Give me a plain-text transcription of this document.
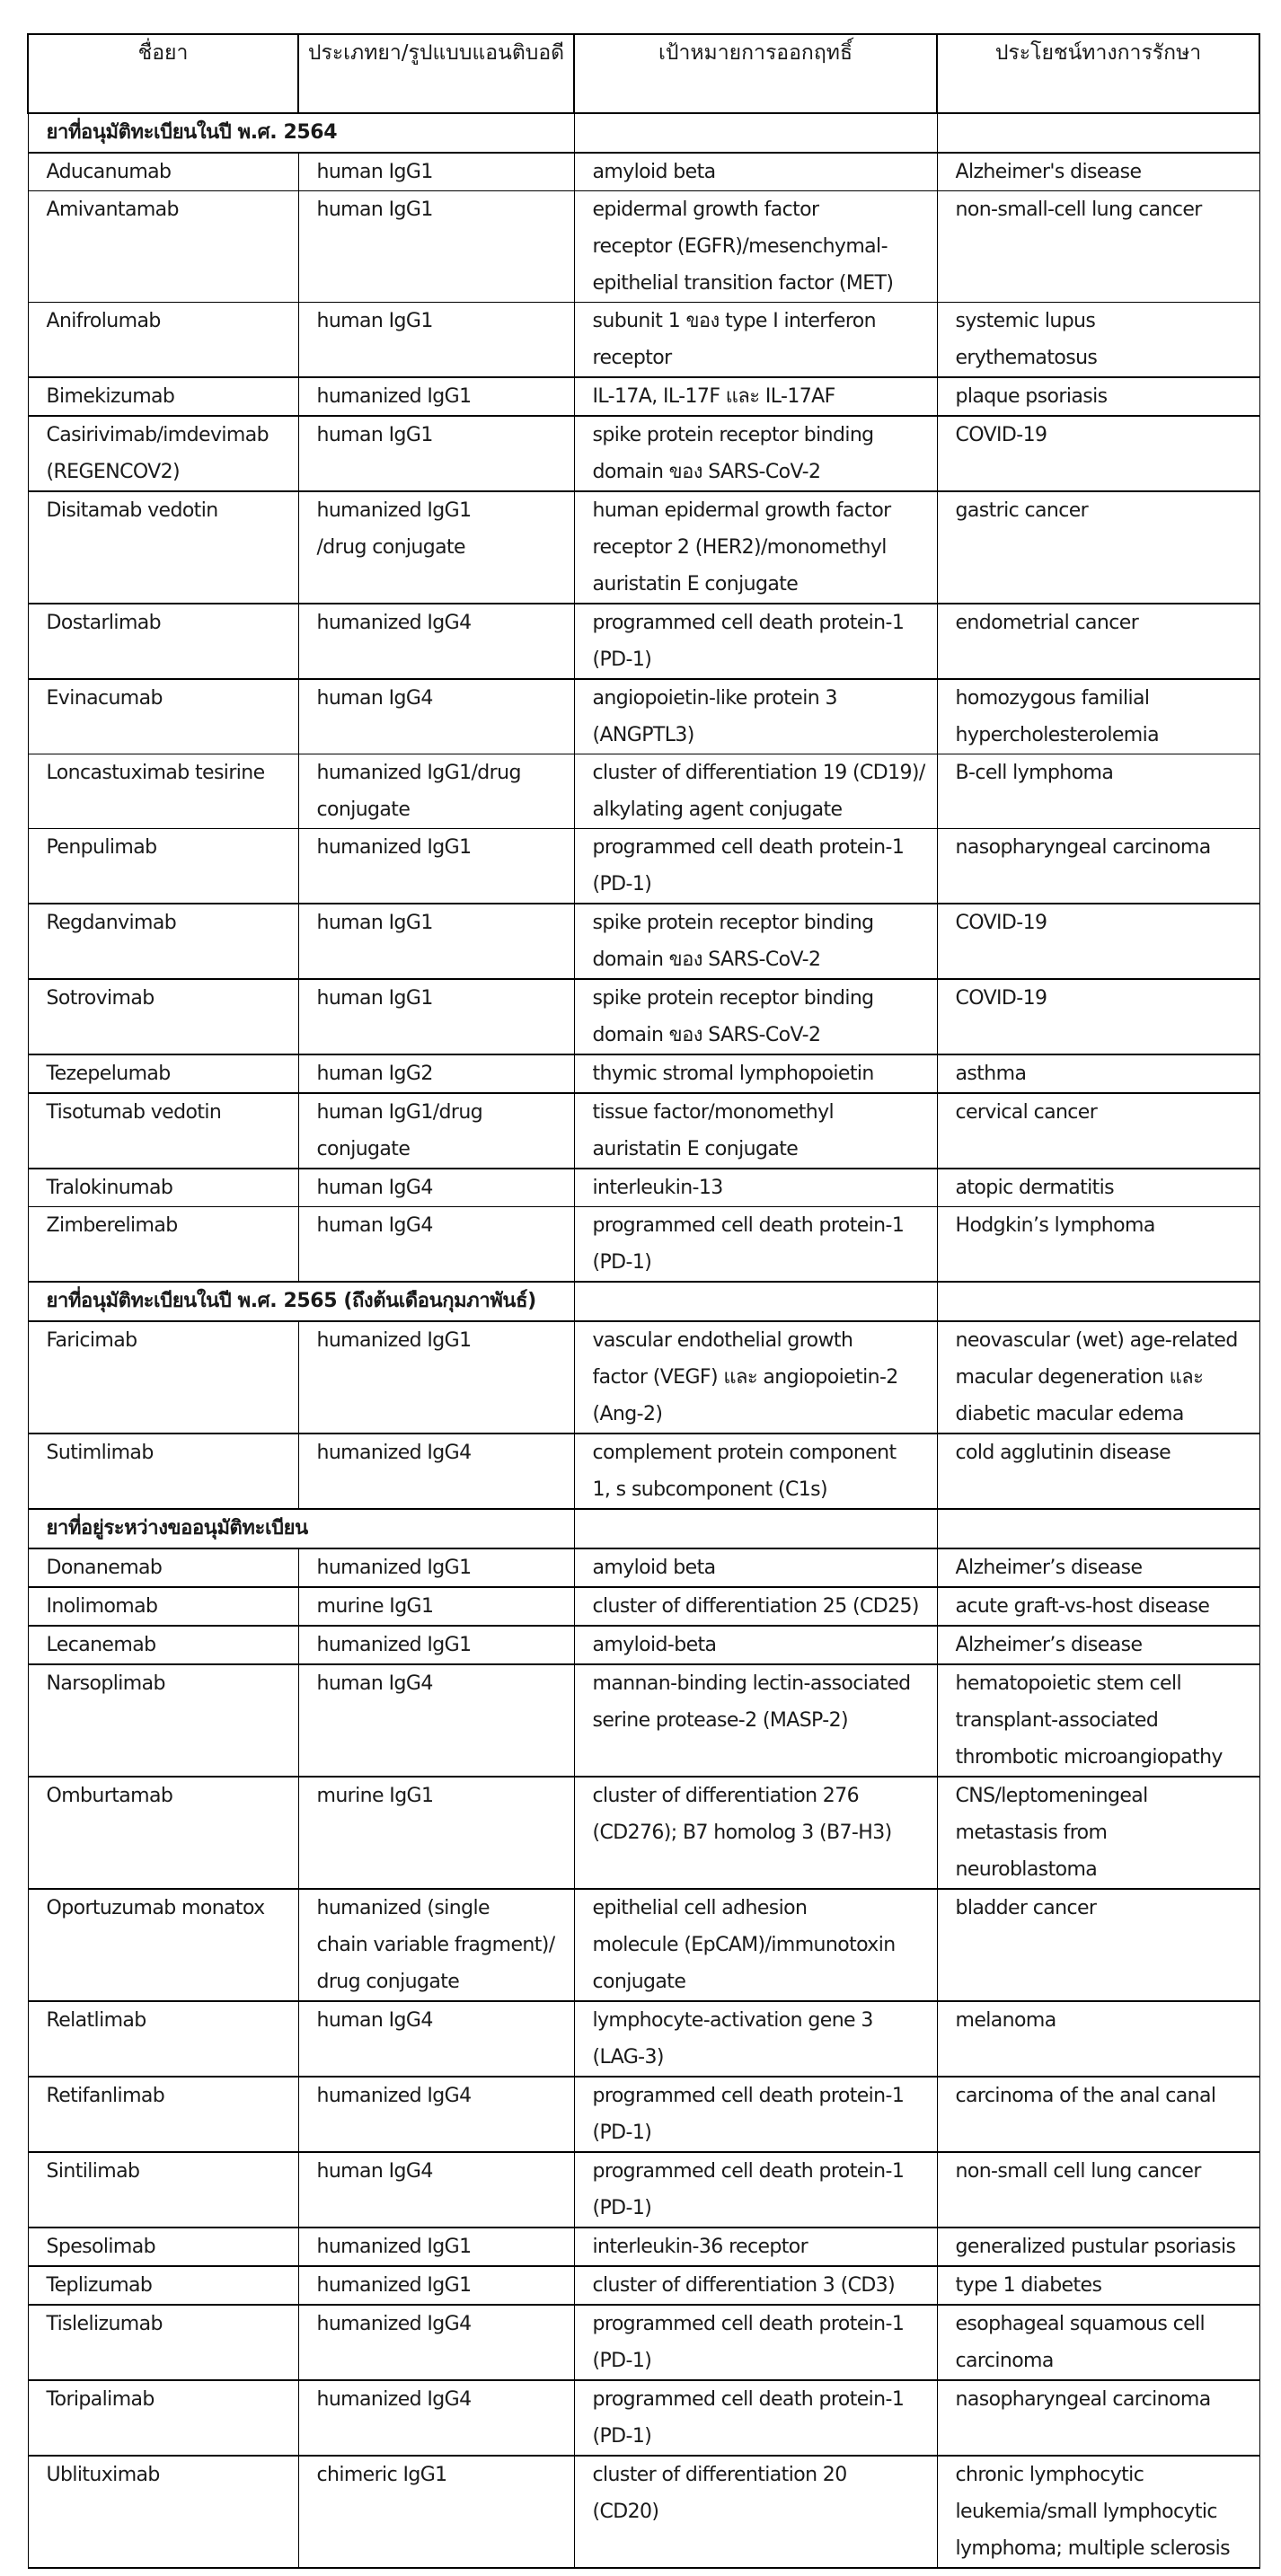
ชื่อยา	ประเภทยา/รูปแบบแอนติบอดี	เป้าหมายการออกฤทธิ์	ประโยชน์ทางการรักษา
ยาที่อนุมัติทะเบียนในปี พ.ศ. 2564			

Aducanumab	human IgG1	amyloid beta	Alzheimer's disease

Amivantamab	human IgG1	epidermal growth factor
receptor (EGFR)/mesenchymal-
epithelial transition factor (MET)	non-small-cell lung cancer

Anifrolumab	human IgG1	subunit 1 ของ type I interferon
receptor	systemic lupus
erythematosus

Bimekizumab	humanized IgG1	IL-17A, IL-17F และ IL-17AF	plaque psoriasis

Casirivimab/imdevimab
(REGENCOV2)	human IgG1	spike protein receptor binding
domain ของ SARS-CoV-2	COVID-19

Disitamab vedotin	humanized IgG1
/drug conjugate	human epidermal growth factor
receptor 2 (HER2)/monomethyl
auristatin E conjugate	gastric cancer

Dostarlimab	humanized IgG4	programmed cell death protein-1
(PD-1)	endometrial cancer

Evinacumab	human IgG4	angiopoietin-like protein 3
(ANGPTL3)	homozygous familial
hypercholesterolemia

Loncastuximab tesirine	humanized IgG1/drug
conjugate	cluster of differentiation 19 (CD19)/
alkylating agent conjugate	B-cell lymphoma

Penpulimab	humanized IgG1	programmed cell death protein-1
(PD-1)	nasopharyngeal carcinoma

Regdanvimab	human IgG1	spike protein receptor binding
domain ของ SARS-CoV-2	COVID-19

Sotrovimab	human IgG1	spike protein receptor binding
domain ของ SARS-CoV-2	COVID-19

Tezepelumab	human IgG2	thymic stromal lymphopoietin	asthma

Tisotumab vedotin	human IgG1/drug
conjugate	tissue factor/monomethyl
auristatin E conjugate	cervical cancer

Tralokinumab	human IgG4	interleukin-13	atopic dermatitis

Zimberelimab	human IgG4	programmed cell death protein-1
(PD-1)	Hodgkin’s lymphoma

ยาที่อนุมัติทะเบียนในปี พ.ศ. 2565 (ถึงต้นเดือนกุมภาพันธ์)			

Faricimab	humanized IgG1	vascular endothelial growth
factor (VEGF) และ angiopoietin-2
(Ang-2)	neovascular (wet) age-related
macular degeneration และ
diabetic macular edema

Sutimlimab	humanized IgG4	complement protein component
1, s subcomponent (C1s)	cold agglutinin disease

ยาที่อยู่ระหว่างขออนุมัติทะเบียน			

Donanemab	humanized IgG1	amyloid beta	Alzheimer’s disease

Inolimomab	murine IgG1	cluster of differentiation 25 (CD25)	acute graft-vs-host disease

Lecanemab	humanized IgG1	amyloid-beta	Alzheimer’s disease

Narsoplimab	human IgG4	mannan-binding lectin-associated
serine protease-2 (MASP-2)	hematopoietic stem cell
transplant-associated
thrombotic microangiopathy

Omburtamab	murine IgG1	cluster of differentiation 276
(CD276); B7 homolog 3 (B7-H3)	CNS/leptomeningeal
metastasis from neuroblastoma

Oportuzumab monatox	humanized (single
chain variable fragment)/
drug conjugate	epithelial cell adhesion
molecule (EpCAM)/immunotoxin
conjugate	bladder cancer

Relatlimab	human IgG4	lymphocyte-activation gene 3
(LAG-3)	melanoma

Retifanlimab	humanized IgG4	programmed cell death protein-1
(PD-1)	carcinoma of the anal canal

Sintilimab	human IgG4	programmed cell death protein-1
(PD-1)	non-small cell lung cancer

Spesolimab	humanized IgG1	interleukin-36 receptor	generalized pustular psoriasis

Teplizumab	humanized IgG1	cluster of differentiation 3 (CD3)	type 1 diabetes

Tislelizumab	humanized IgG4	programmed cell death protein-1
(PD-1)	esophageal squamous cell
carcinoma

Toripalimab	humanized IgG4	programmed cell death protein-1
(PD-1)	nasopharyngeal carcinoma

Ublituximab	chimeric IgG1	cluster of differentiation 20
(CD20)	chronic lymphocytic
leukemia/small lymphocytic
lymphoma; multiple sclerosis
